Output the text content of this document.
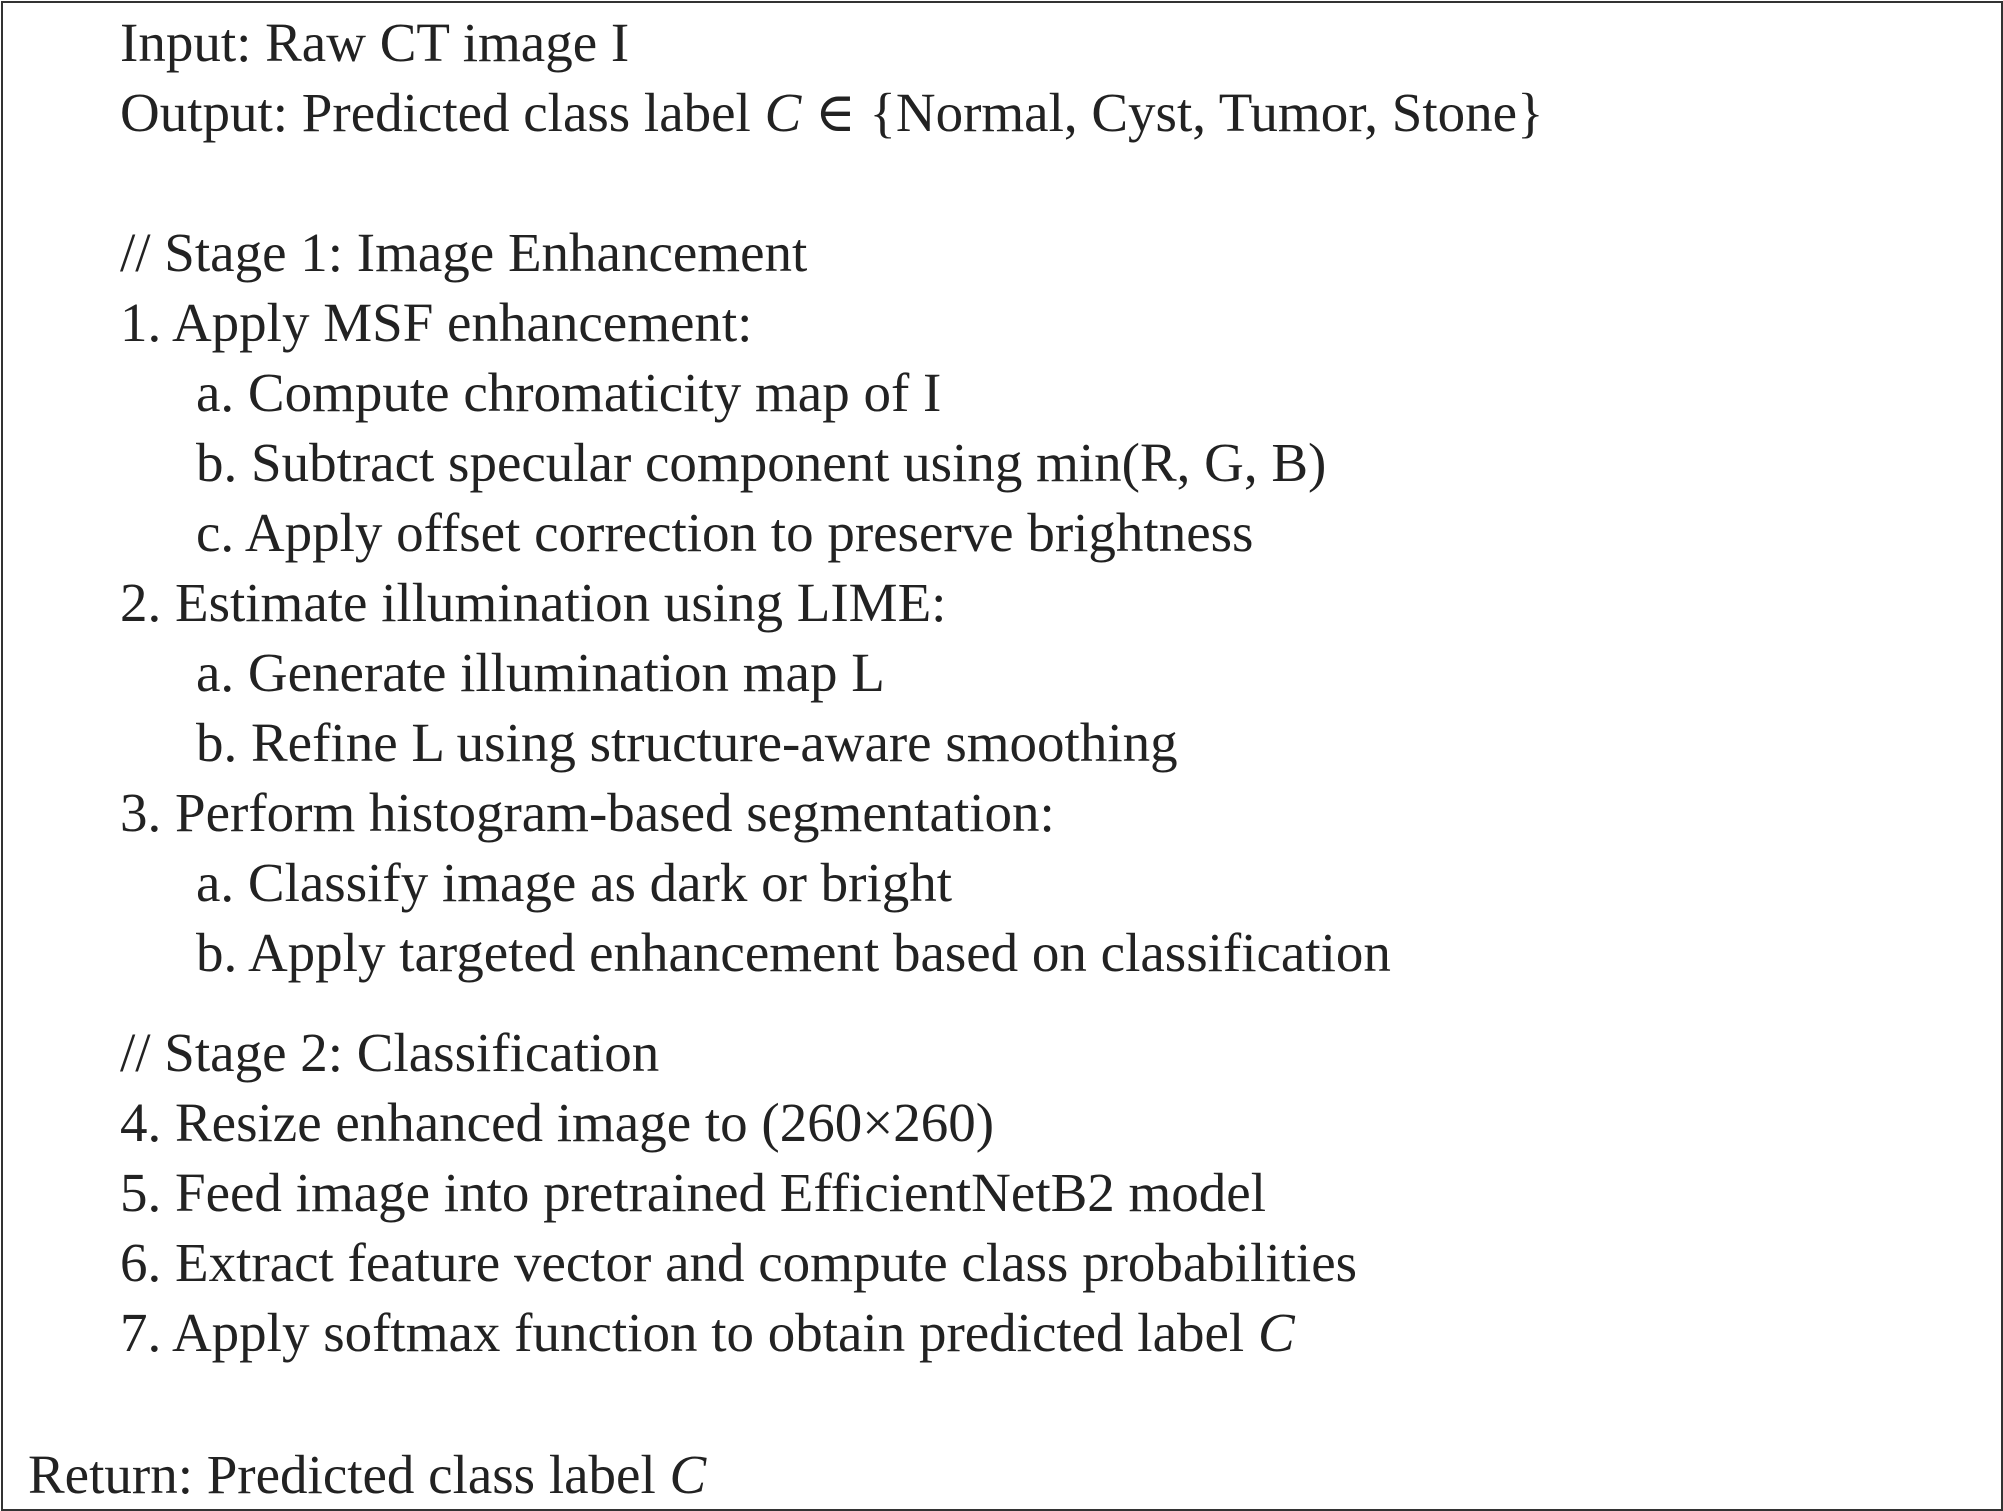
Input: Raw CT image I
Output: Predicted class label C ∈ {Normal, Cyst, Tumor, Stone}
// Stage 1: Image Enhancement
1. Apply MSF enhancement:
a. Compute chromaticity map of I
b. Subtract specular component using min(R, G, B)
c. Apply offset correction to preserve brightness
2. Estimate illumination using LIME:
a. Generate illumination map L
b. Refine L using structure-aware smoothing
3. Perform histogram-based segmentation:
a. Classify image as dark or bright
b. Apply targeted enhancement based on classification
// Stage 2: Classification
4. Resize enhanced image to (260×260)
5. Feed image into pretrained EfficientNetB2 model
6. Extract feature vector and compute class probabilities
7. Apply softmax function to obtain predicted label C
Return: Predicted class label C
